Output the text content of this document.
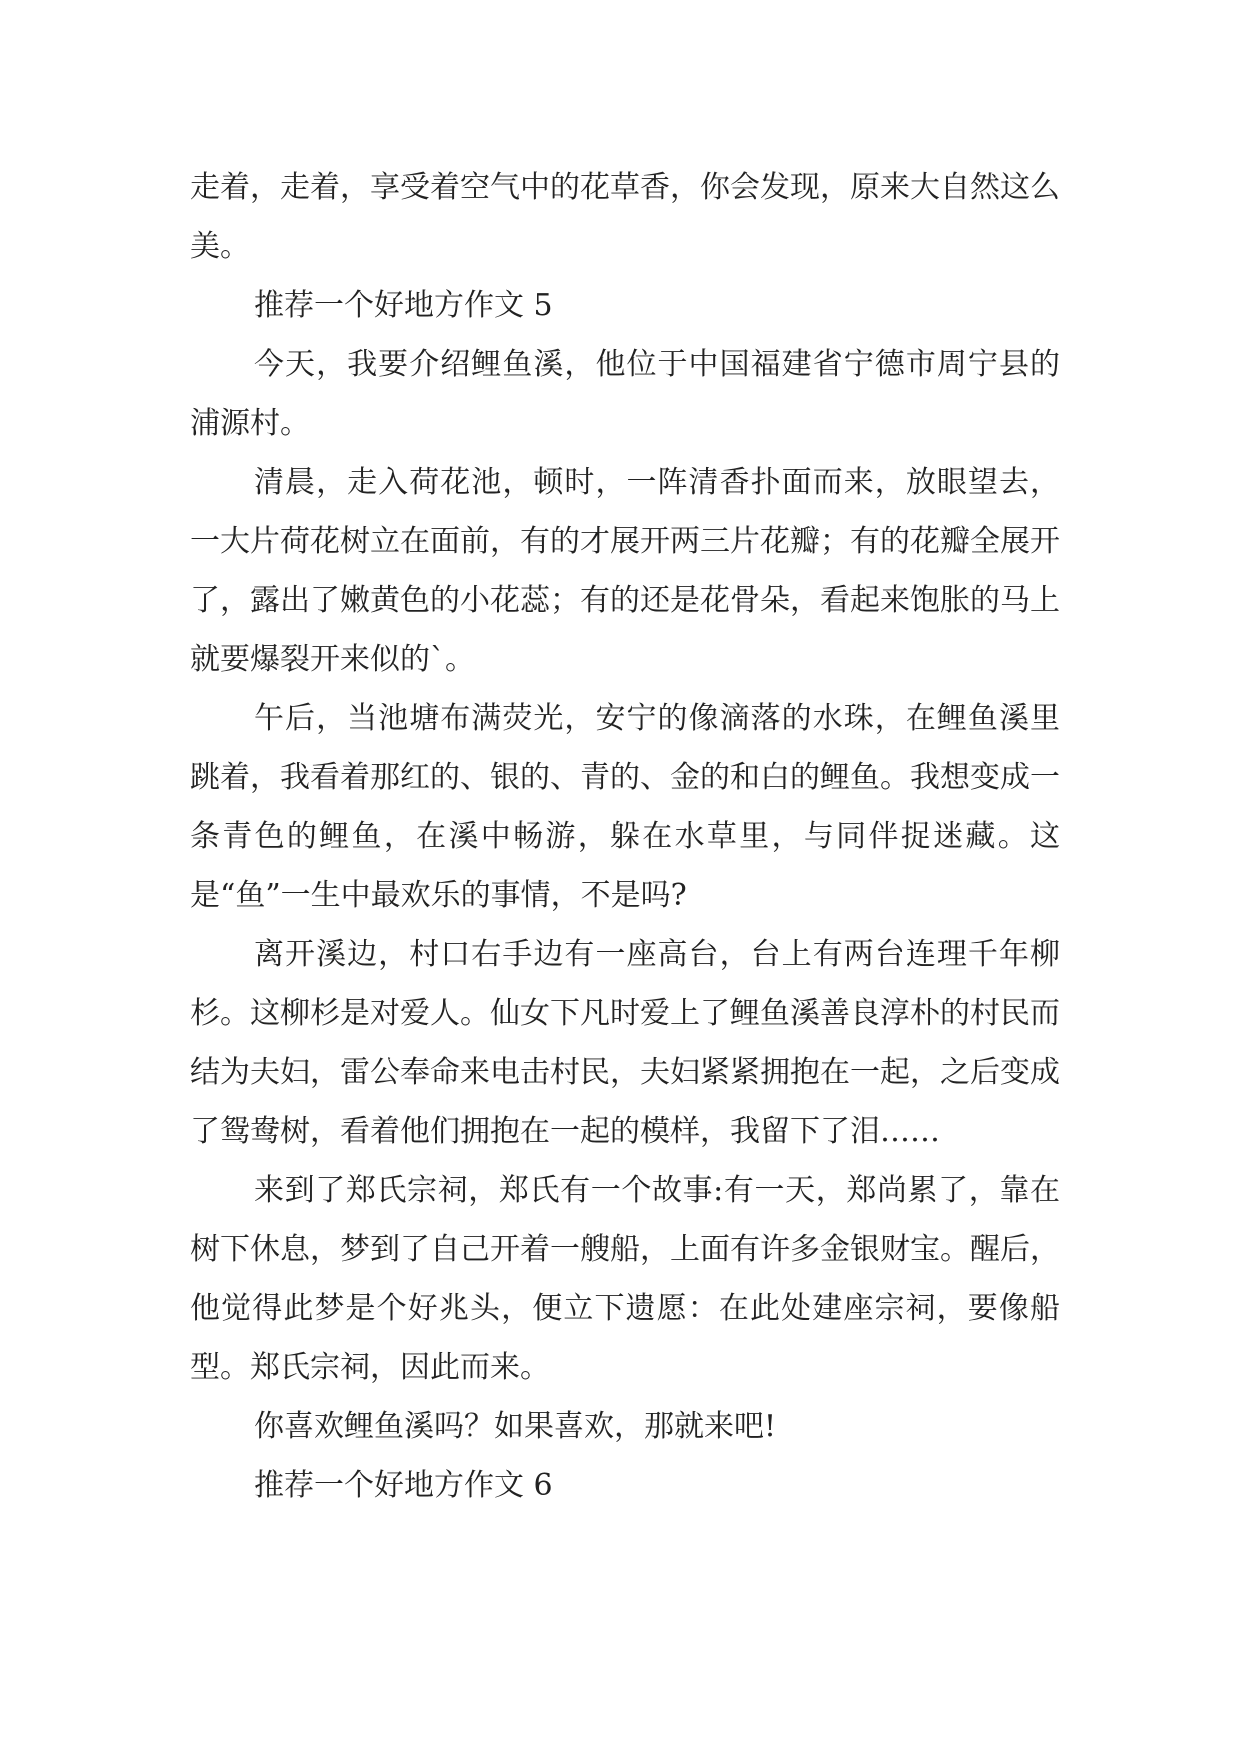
走着，走着，享受着空气中的花草香，你会发现，原来大自然这么美。

推荐一个好地方作文 5

今天，我要介绍鲤鱼溪，他位于中国福建省宁德市周宁县的浦源村。

清晨，走入荷花池，顿时，一阵清香扑面而来，放眼望去，一大片荷花树立在面前，有的才展开两三片花瓣；有的花瓣全展开了，露出了嫩黄色的小花蕊；有的还是花骨朵，看起来饱胀的马上就要爆裂开来似的`。

午后，当池塘布满荧光，安宁的像滴落的水珠，在鲤鱼溪里跳着，我看着那红的、银的、青的、金的和白的鲤鱼。我想变成一条青色的鲤鱼，在溪中畅游，躲在水草里，与同伴捉迷藏。这是“鱼”一生中最欢乐的事情，不是吗?

离开溪边，村口右手边有一座高台，台上有两台连理千年柳杉。这柳杉是对爱人。仙女下凡时爱上了鲤鱼溪善良淳朴的村民而结为夫妇，雷公奉命来电击村民，夫妇紧紧拥抱在一起，之后变成了鸳鸯树，看着他们拥抱在一起的模样，我留下了泪……

来到了郑氏宗祠，郑氏有一个故事:有一天，郑尚累了，靠在树下休息，梦到了自己开着一艘船，上面有许多金银财宝。醒后，他觉得此梦是个好兆头，便立下遗愿：在此处建座宗祠，要像船型。郑氏宗祠，因此而来。

你喜欢鲤鱼溪吗？如果喜欢，那就来吧!

推荐一个好地方作文 6
